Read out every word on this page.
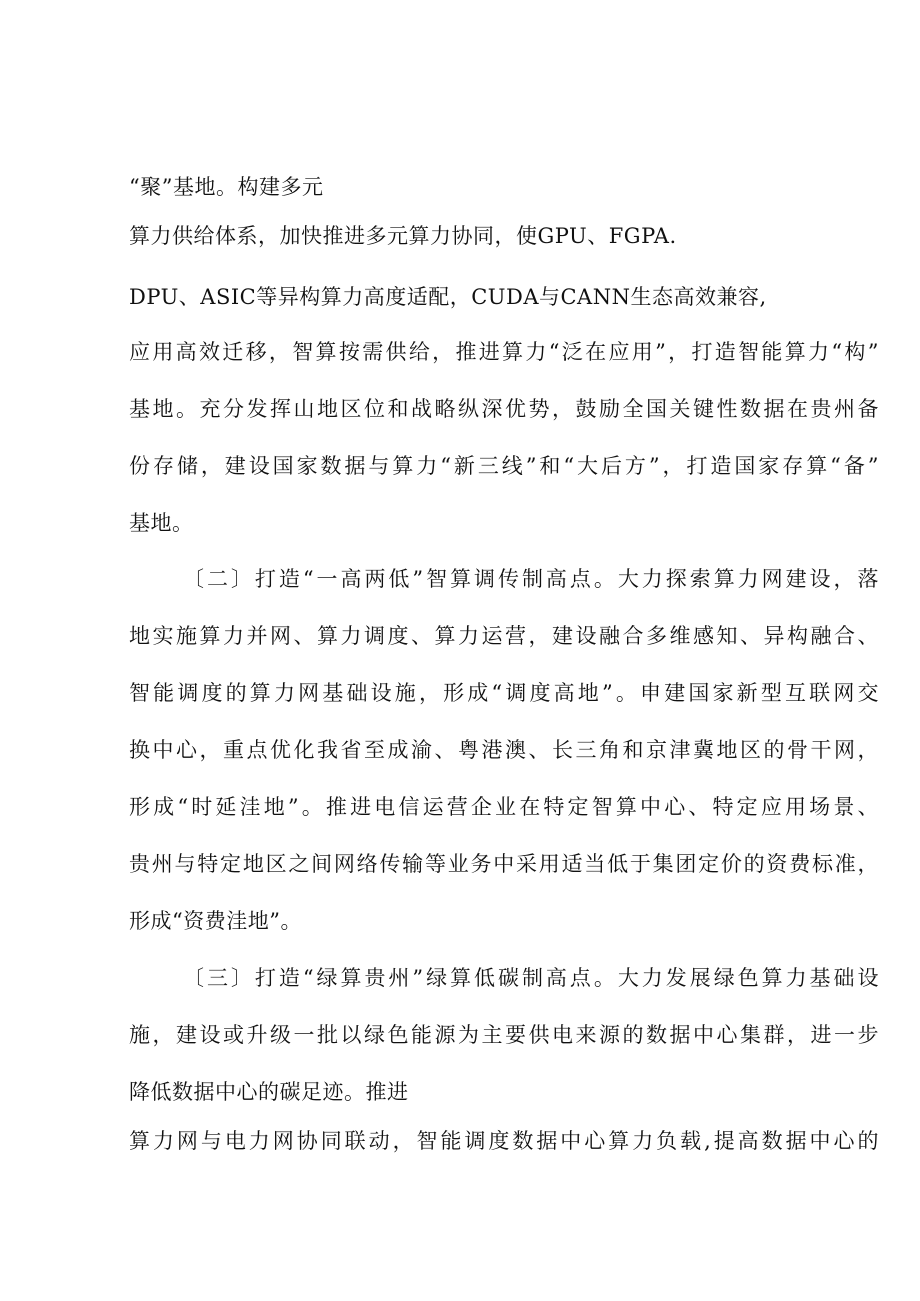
“聚”基地。构建多元
算力供给体系，加快推进多元算力协同，使GPU、FGPA.
DPU、ASIC等异构算力高度适配，CUDA与CANN生态高效兼容,
应用高效迁移，智算按需供给，推进算力“泛在应用”，打造智能算力“构”
基地。充分发挥山地区位和战略纵深优势，鼓励全国关键性数据在贵州备
份存储，建设国家数据与算力“新三线”和“大后方”，打造国家存算“备”
基地。
〔二〕打造“一高两低”智算调传制高点。大力探索算力网建设，落
地实施算力并网、算力调度、算力运营，建设融合多维感知、异构融合、
智能调度的算力网基础设施，形成“调度高地”。申建国家新型互联网交
换中心，重点优化我省至成渝、粤港澳、长三角和京津冀地区的骨干网，
形成“时延洼地”。推进电信运营企业在特定智算中心、特定应用场景、
贵州与特定地区之间网络传输等业务中采用适当低于集团定价的资费标准，
形成“资费洼地”。
〔三〕打造“绿算贵州”绿算低碳制高点。大力发展绿色算力基础设
施，建设或升级一批以绿色能源为主要供电来源的数据中心集群，进一步
降低数据中心的碳足迹。推进
算力网与电力网协同联动，智能调度数据中心算力负载,提高数据中心的
